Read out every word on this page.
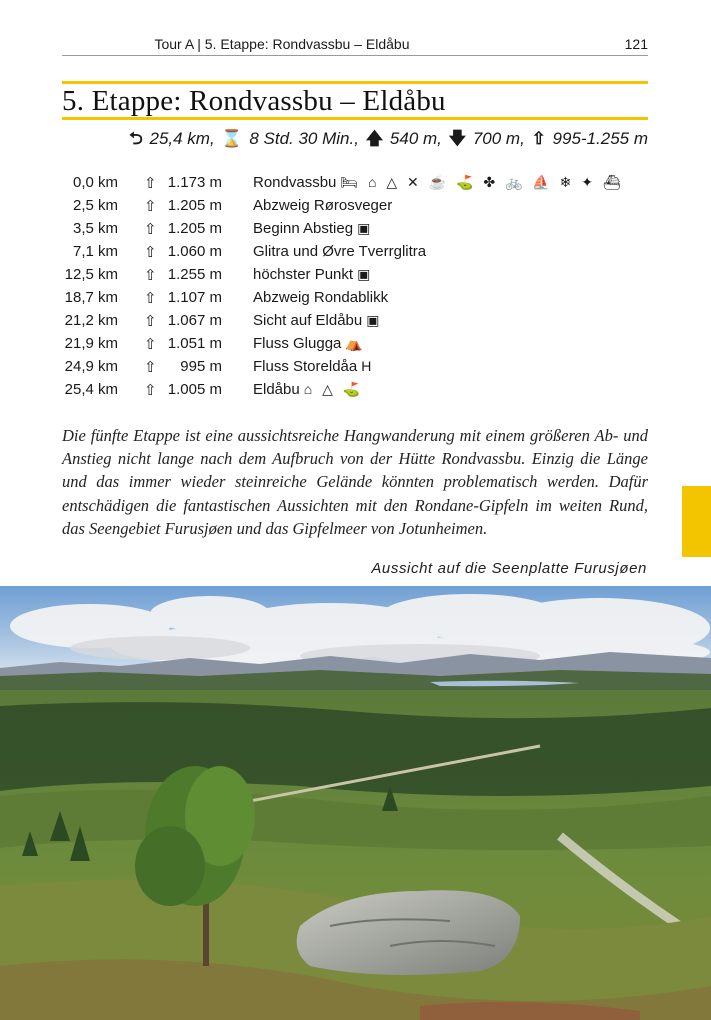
Tour A | 5. Etappe: Rondvassbu – Eldåbu	121
5. Etappe: Rondvassbu – Eldåbu
⮌ 25,4 km, ⌛ 8 Std. 30 Min., 🡅 540 m, 🡇 700 m, ⇧ 995-1.255 m
0,0 km ⇧ 1.173 m Rondvassbu 🛏 ⌂ △ ✕ ☕ ⛳ ✤ 🚲 ⛵ ❄ ✦ ⛴
2,5 km ⇧ 1.205 m Abzweig Rørosveger
3,5 km ⇧ 1.205 m Beginn Abstieg ▣
7,1 km ⇧ 1.060 m Glitra und Øvre Tverrglitra
12,5 km ⇧ 1.255 m höchster Punkt ▣
18,7 km ⇧ 1.107 m Abzweig Rondablikk
21,2 km ⇧ 1.067 m Sicht auf Eldåbu ▣
21,9 km ⇧ 1.051 m Fluss Glugga ⛺
24,9 km ⇧ 995 m Fluss Storeldåa H
25,4 km ⇧ 1.005 m Eldåbu ⌂ △ ⛳
Die fünfte Etappe ist eine aussichtsreiche Hangwanderung mit einem größeren Ab- und Anstieg nicht lange nach dem Aufbruch von der Hütte Rondvassbu. Einzig die Länge und das immer wieder steinreiche Gelände könnten problematisch werden. Dafür entschädigen die fantastischen Aussichten mit den Rondane-Gipfeln im weiten Rund, das Seengebiet Furusjøen und das Gipfelmeer von Jotunheimen.
Aussicht auf die Seenplatte Furusjøen
